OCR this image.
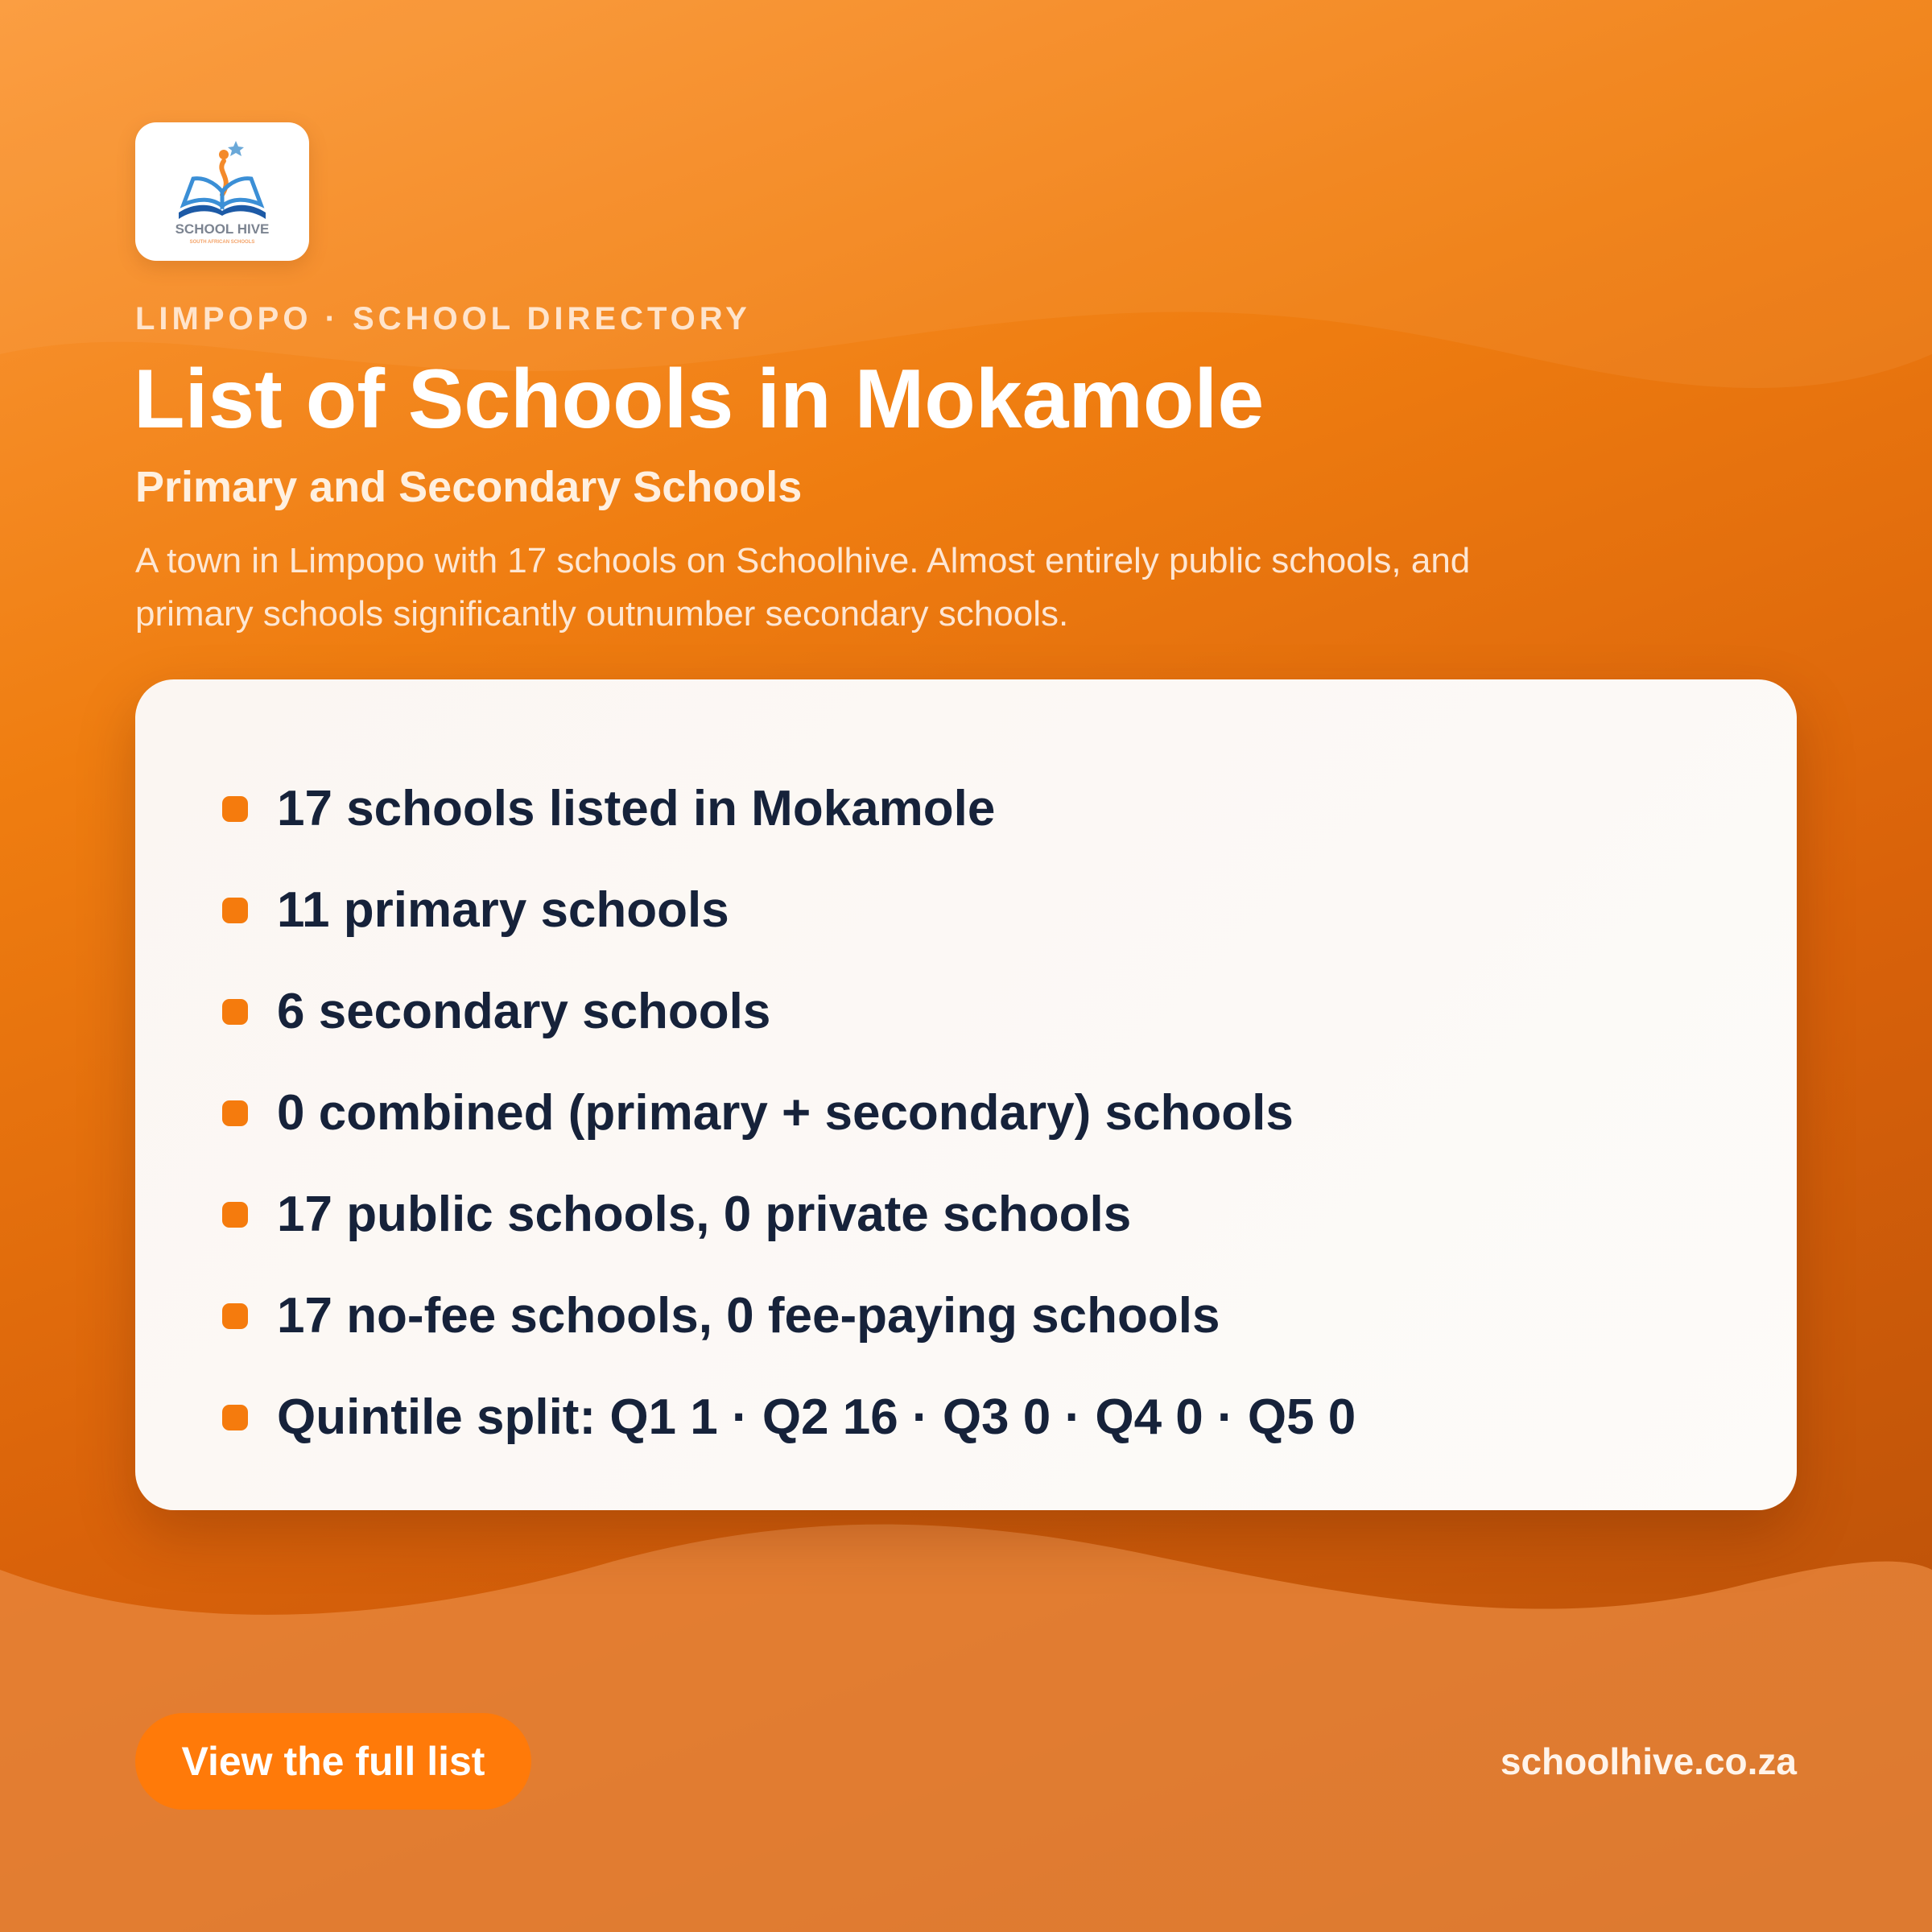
SCHOOL HIVE
SOUTH AFRICAN SCHOOLS
LIMPOPO · SCHOOL DIRECTORY
List of Schools in Mokamole
Primary and Secondary Schools

A town in Limpopo with 17 schools on Schoolhive. Almost entirely public schools, and primary schools significantly outnumber secondary schools.

17 schools listed in Mokamole
11 primary schools
6 secondary schools
0 combined (primary + secondary) schools
17 public schools, 0 private schools
17 no-fee schools, 0 fee-paying schools
Quintile split: Q1 1 · Q2 16 · Q3 0 · Q4 0 · Q5 0
View the full list	schoolhive.co.za
